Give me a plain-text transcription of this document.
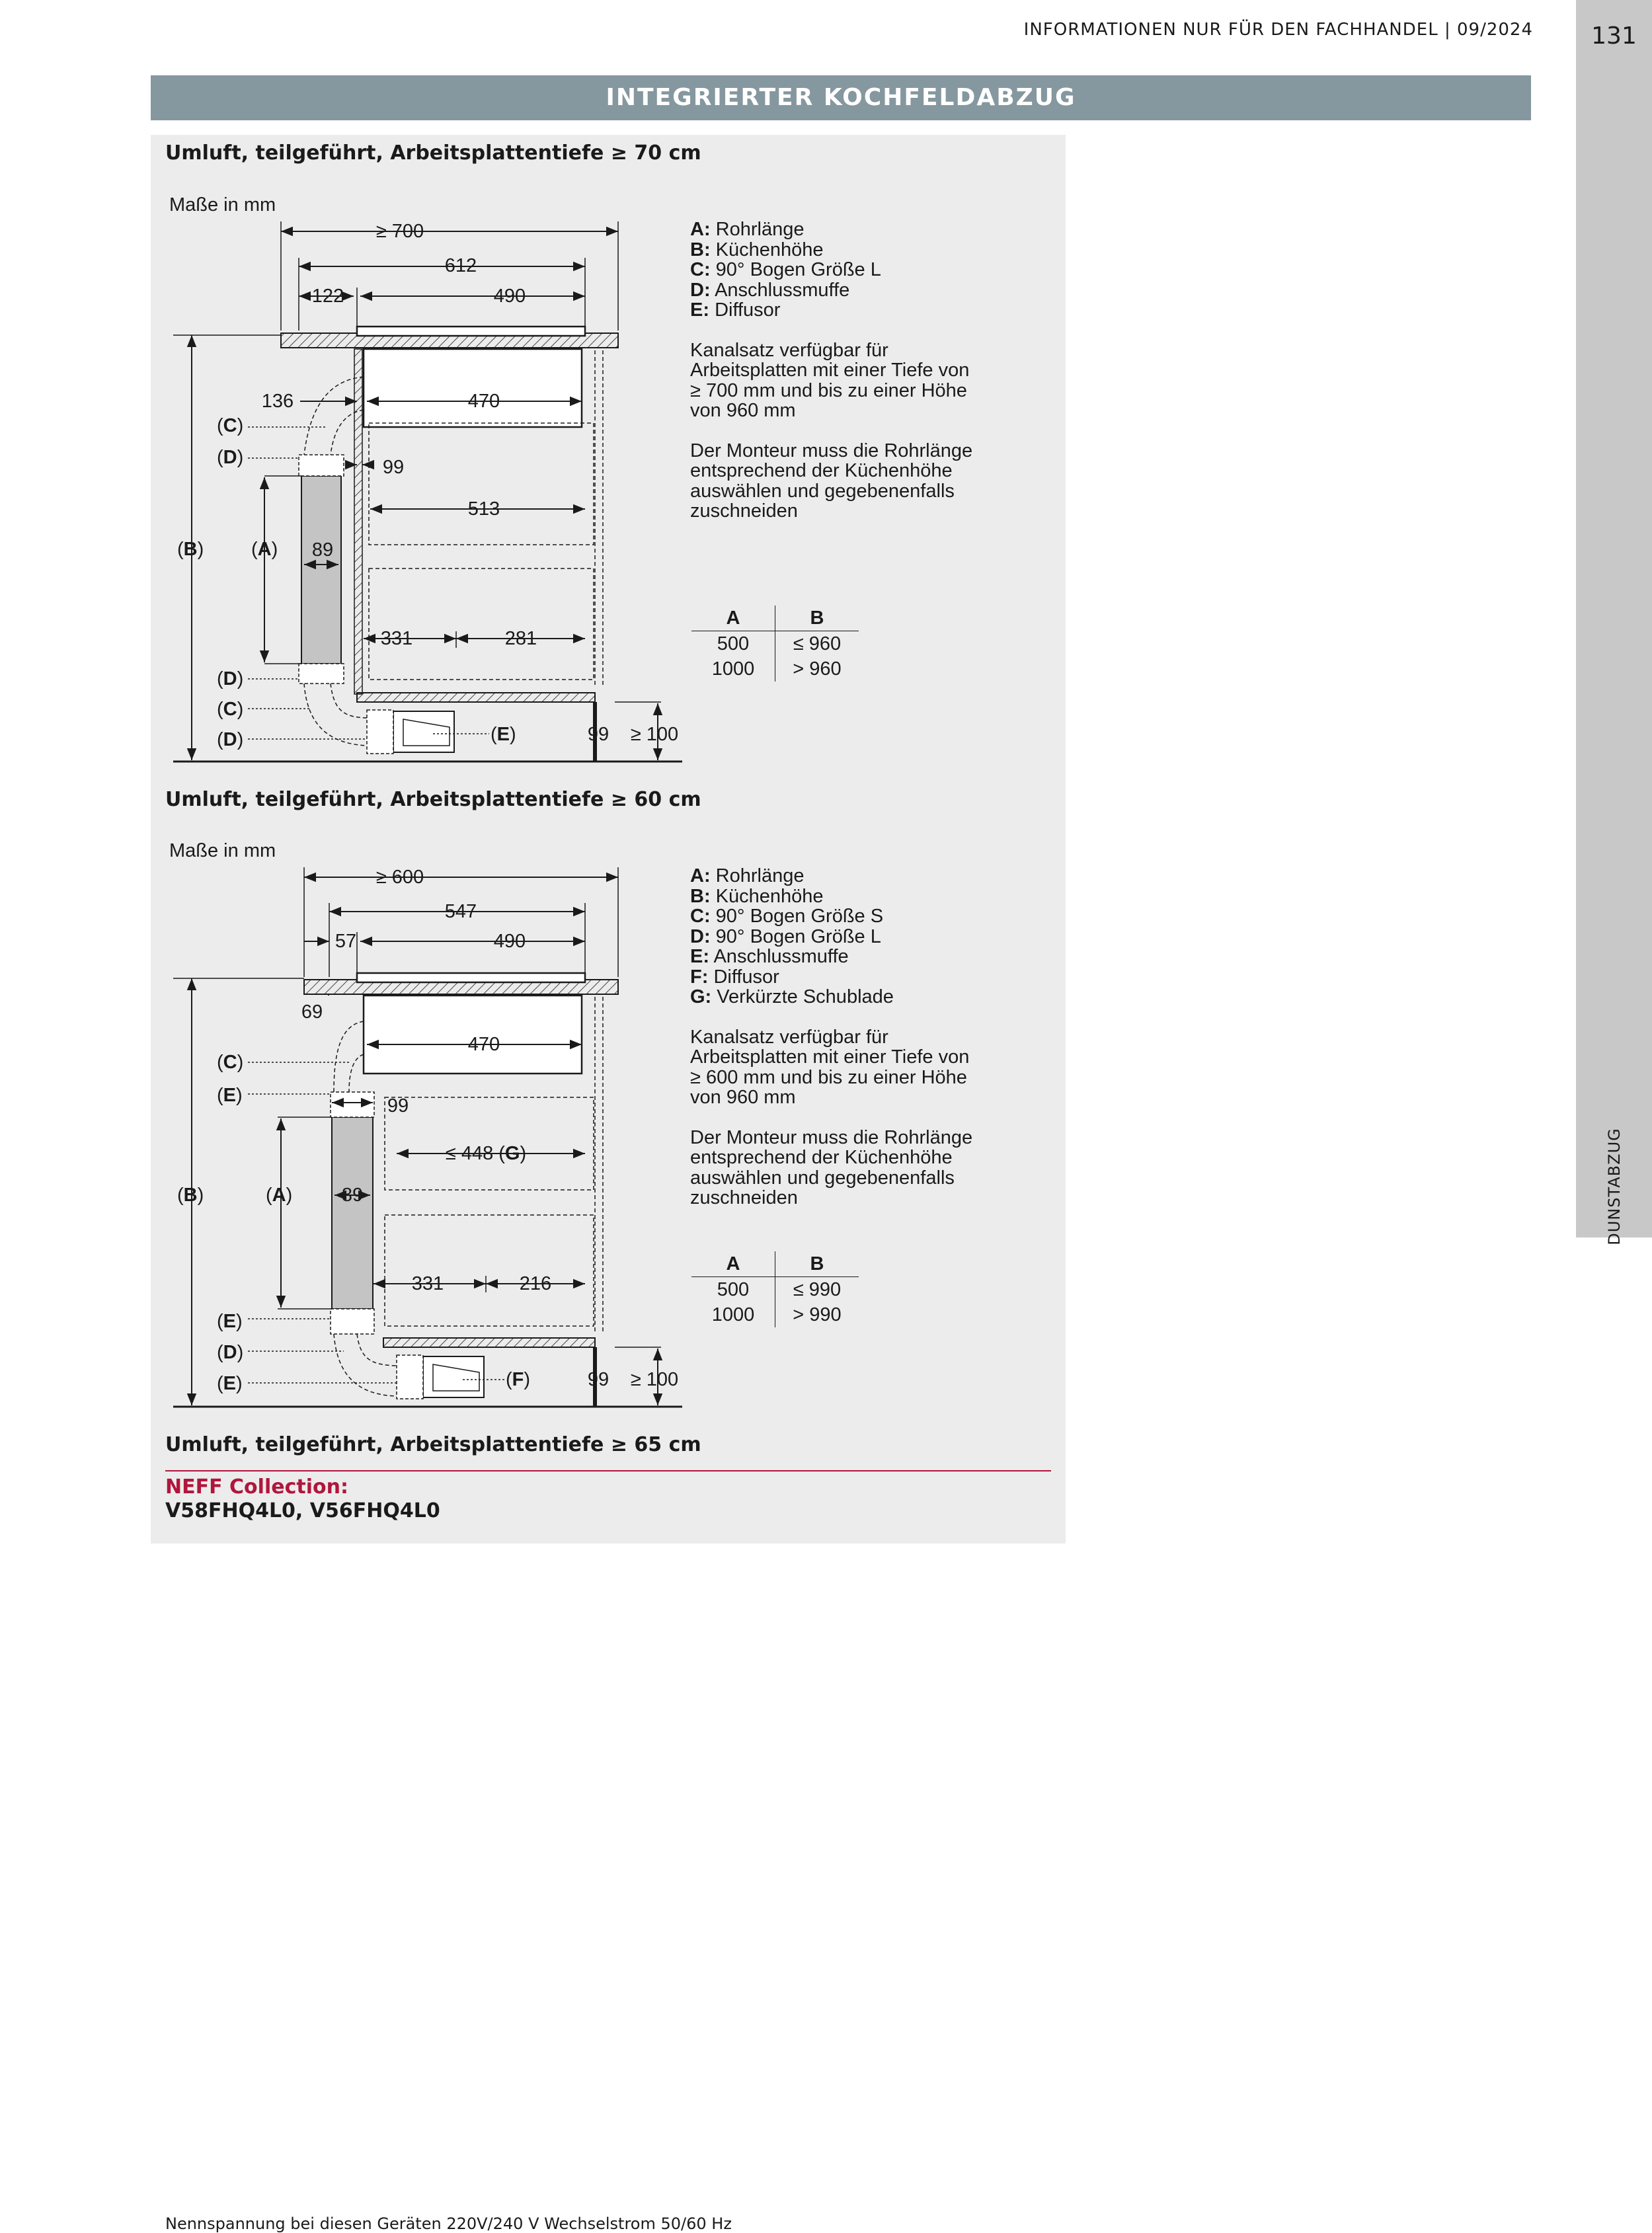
INFORMATIONEN NUR FÜR DEN FACHHANDEL | 09/2024	131
DUNSTABZUG
INTEGRIERTER KOCHFELDABZUG
Umluft, teilgeführt, Arbeitsplattentiefe ≥ 70 cm
Umluft, teilgeführt, Arbeitsplattentiefe ≥ 60 cm
Umluft, teilgeführt, Arbeitsplattentiefe ≥ 65 cm
NEFF Collection:
V58FHQ4L0, V56FHQ4L0
Maße in mm
≥ 700
612
122	490
136	470
99
513
89
331	281
99 ≥ 100
(C)
(D)
(B) (A)
(D)
(C)
(D)	(E)
Maße in mm
≥ 600
547
57	490
69
470
99
≤ 448 (G)
89
331	216
99 ≥ 100
(C)
(E)
(B)	(A)
(E)
(D)
(E)	(F)
A: Rohrlänge
B: Küchenhöhe
C: 90° Bogen Größe L
D: Anschlussmuffe
E: Diffusor

Kanalsatz verfügbar für

Arbeitsplatten mit einer Tiefe von

≥ 700 mm und bis zu einer Höhe

von 960 mm

Der Monteur muss die Rohrlänge

entsprechend der Küchenhöhe

auswählen und gegebenenfalls

zuschneiden

A	B
500	≤ 960
1000	> 960
A: Rohrlänge
B: Küchenhöhe
C: 90° Bogen Größe S
D: 90° Bogen Größe L
E: Anschlussmuffe
F: Diffusor
G: Verkürzte Schublade

Kanalsatz verfügbar für

Arbeitsplatten mit einer Tiefe von

≥ 600 mm und bis zu einer Höhe

von 960 mm

Der Monteur muss die Rohrlänge

entsprechend der Küchenhöhe

auswählen und gegebenenfalls

zuschneiden

A	B
500	≤ 990
1000	> 990
Nennspannung bei diesen Geräten 220V/240 V Wechselstrom 50/60 Hz
